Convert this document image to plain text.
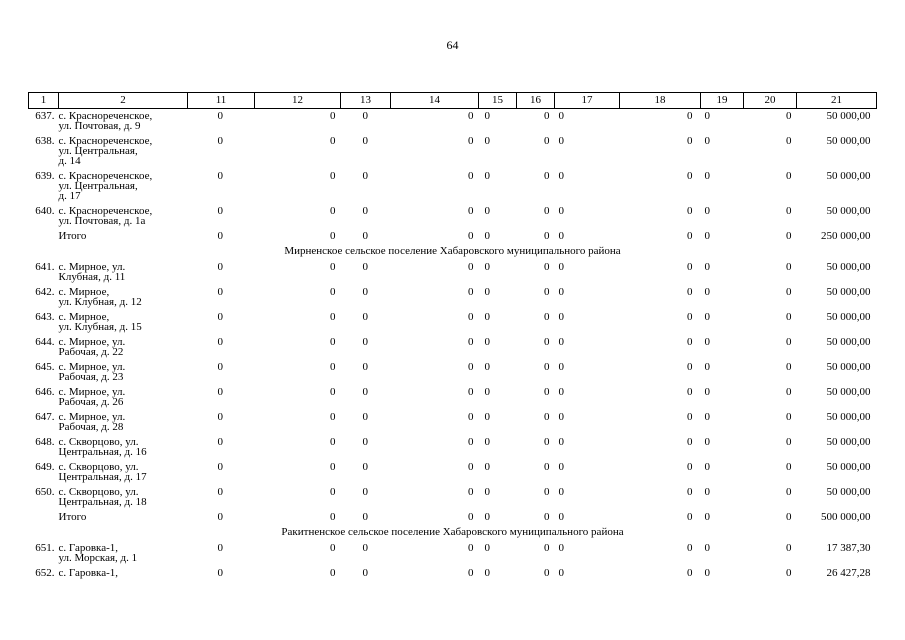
64
1	2	11	12	13	14	15	16	17	18	19	20	21
637.	с. Краснореченское,
ул. Почтовая, д. 9	0	0	0	0	0	0	0	0	0	0	50 000,00
638.	с. Краснореченское,
ул. Центральная,
д. 14	0	0	0	0	0	0	0	0	0	0	50 000,00
639.	с. Краснореченское,
ул. Центральная,
д. 17	0	0	0	0	0	0	0	0	0	0	50 000,00
640.	с. Краснореченское,
ул. Почтовая, д. 1а	0	0	0	0	0	0	0	0	0	0	50 000,00

	Итого	0	0	0	0	0	0	0	0	0	0	250 000,00
Мирненское сельское поселение Хабаровского муниципального района												
641.	с. Мирное, ул.
Клубная, д. 11	0	0	0	0	0	0	0	0	0	0	50 000,00
642.	с. Мирное,
ул. Клубная, д. 12	0	0	0	0	0	0	0	0	0	0	50 000,00
643.	с. Мирное,
ул. Клубная, д. 15	0	0	0	0	0	0	0	0	0	0	50 000,00
644.	с. Мирное, ул.
Рабочая, д. 22	0	0	0	0	0	0	0	0	0	0	50 000,00
645.	с. Мирное, ул.
Рабочая, д. 23	0	0	0	0	0	0	0	0	0	0	50 000,00
646.	с. Мирное, ул.
Рабочая, д. 26	0	0	0	0	0	0	0	0	0	0	50 000,00
647.	с. Мирное, ул.
Рабочая, д. 28	0	0	0	0	0	0	0	0	0	0	50 000,00
648.	с. Скворцово, ул.
Центральная, д. 16	0	0	0	0	0	0	0	0	0	0	50 000,00
649.	с. Скворцово, ул.
Центральная, д. 17	0	0	0	0	0	0	0	0	0	0	50 000,00
650.	с. Скворцово, ул.
Центральная, д. 18	0	0	0	0	0	0	0	0	0	0	50 000,00

	Итого	0	0	0	0	0	0	0	0	0	0	500 000,00
Ракитненское сельское поселение Хабаровского муниципального района												
651.	с. Гаровка-1,
ул. Морская, д. 1	0	0	0	0	0	0	0	0	0	0	17 387,30
652.	с. Гаровка-1,	0	0	0	0	0	0	0	0	0	0	26 427,28
